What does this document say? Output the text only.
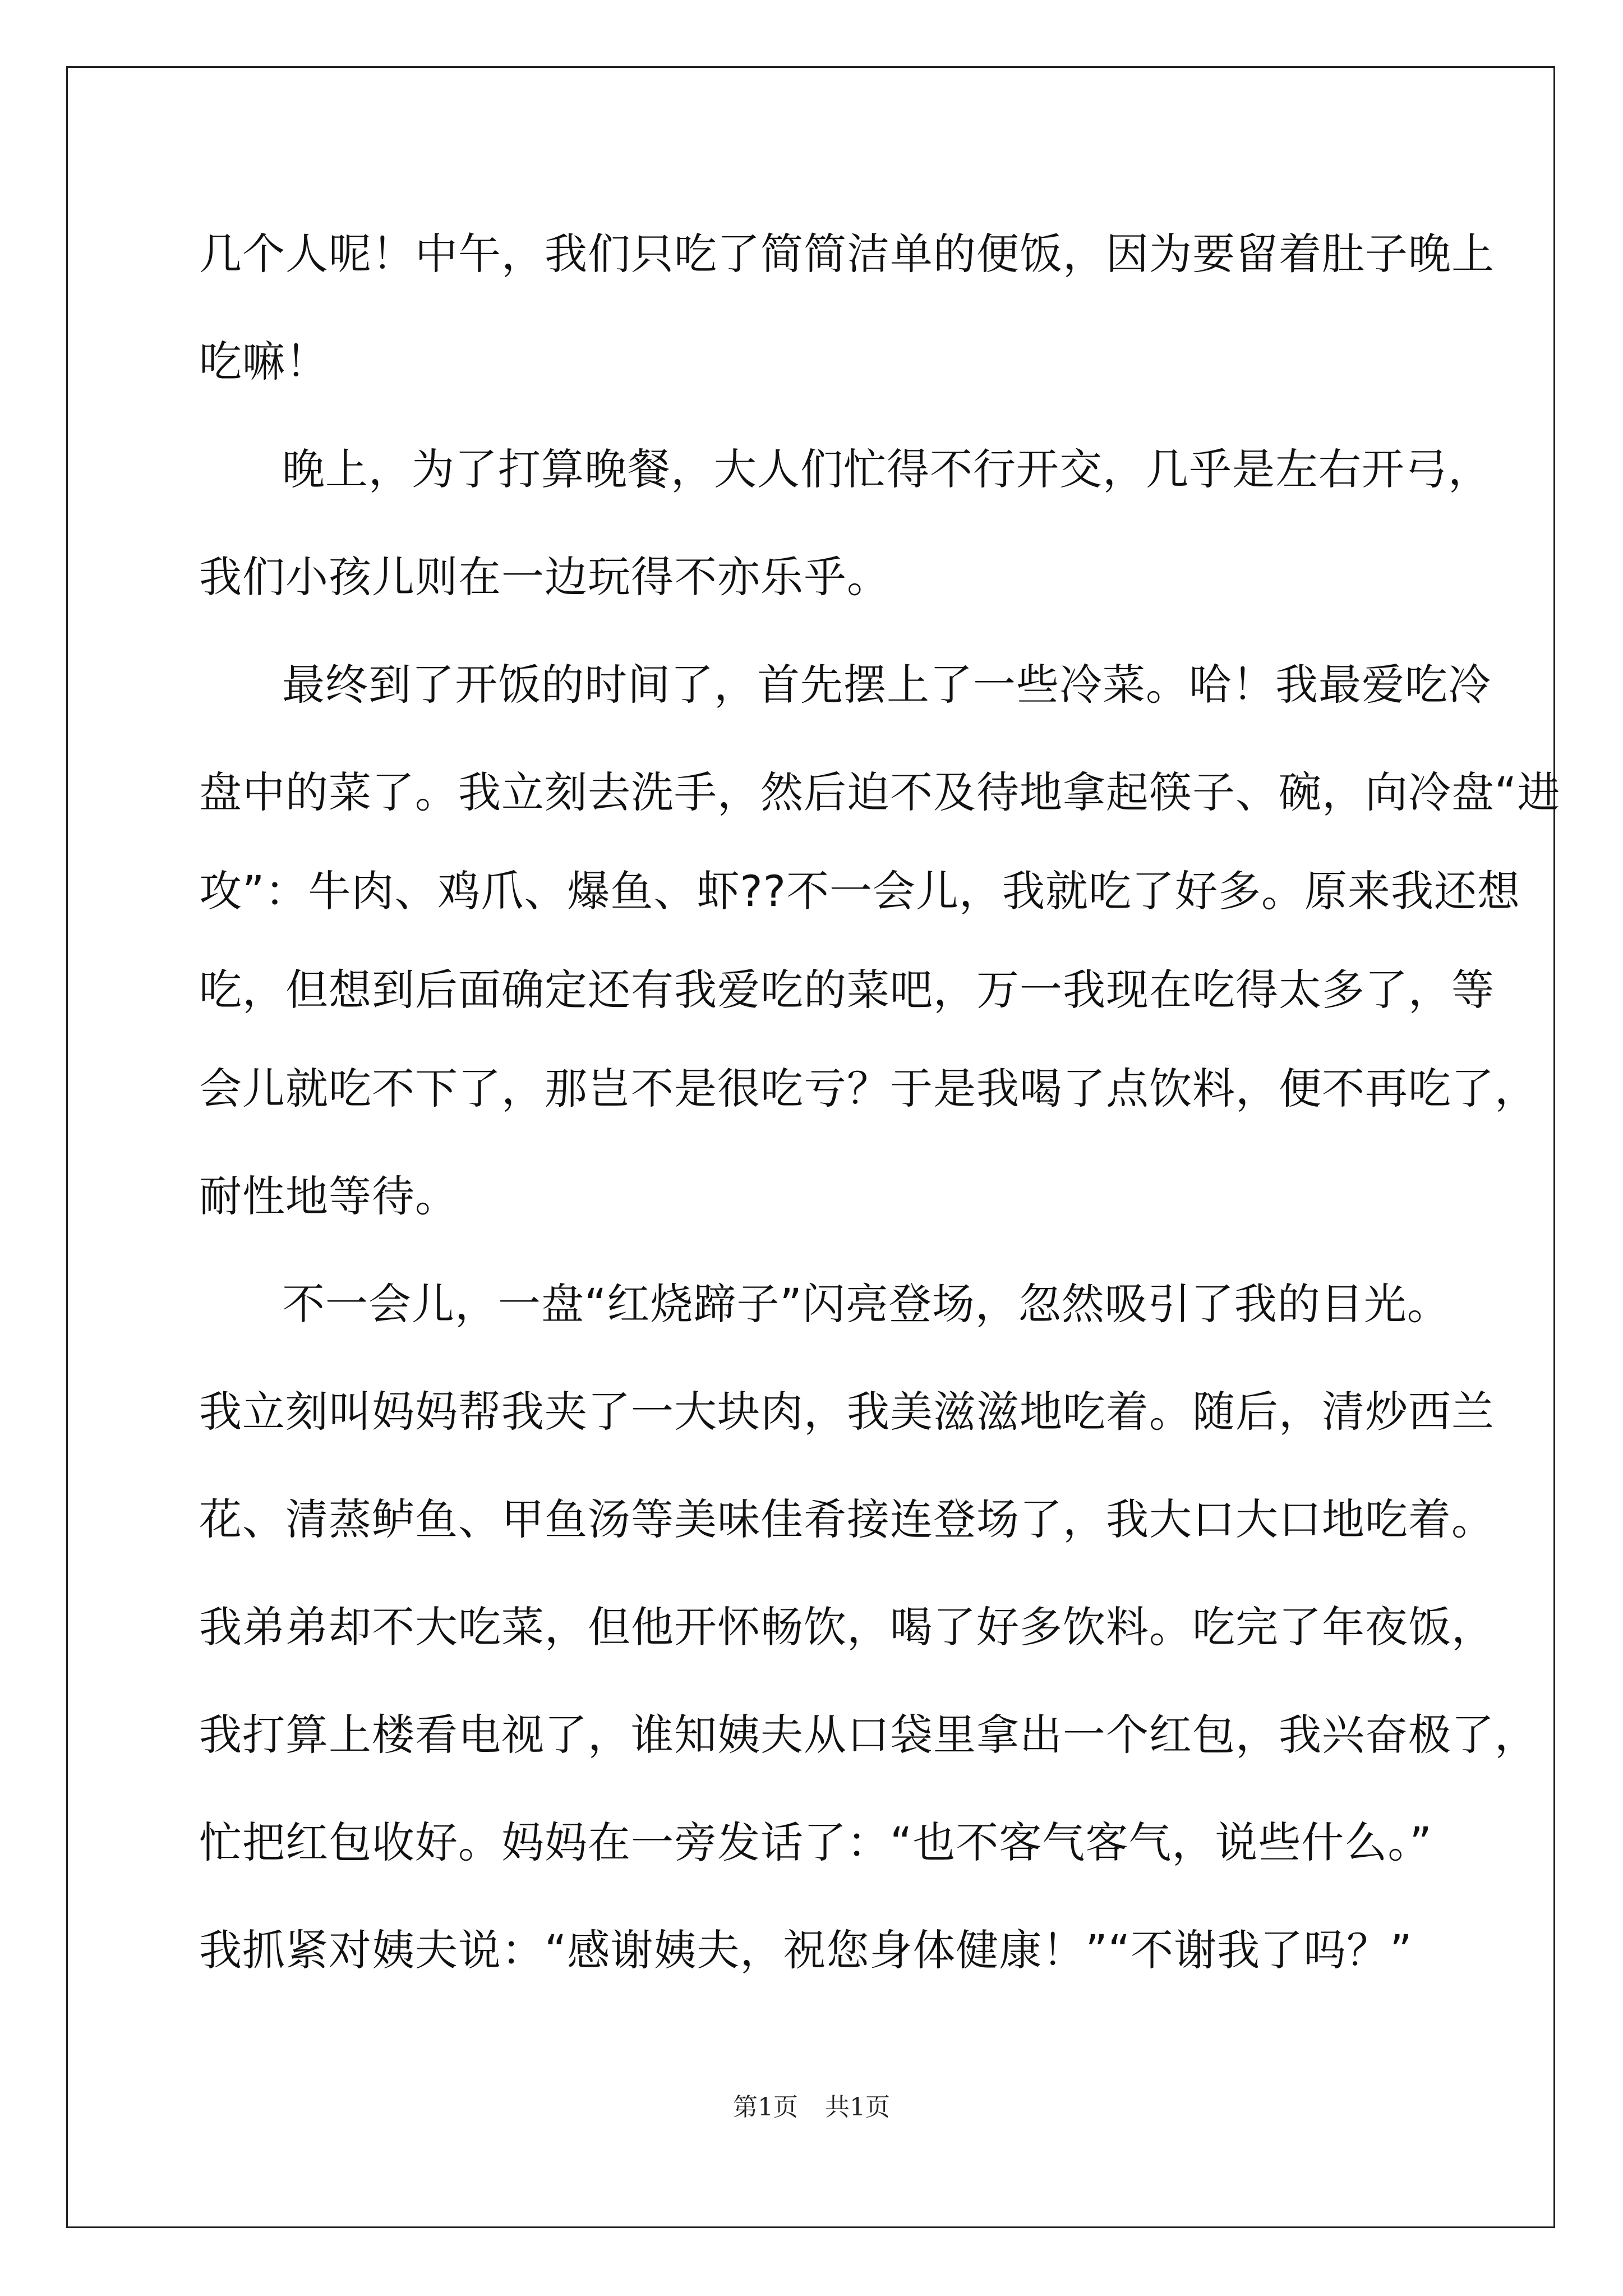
几个人呢！中午，我们只吃了简简洁单的便饭，因为要留着肚子晚上
吃嘛！
晚上，为了打算晚餐，大人们忙得不行开交，几乎是左右开弓，
我们小孩儿则在一边玩得不亦乐乎。
最终到了开饭的时间了，首先摆上了一些冷菜。哈！我最爱吃冷
盘中的菜了。我立刻去洗手，然后迫不及待地拿起筷子、碗，向冷盘“进
攻”：牛肉、鸡爪、爆鱼、虾??不一会儿，我就吃了好多。原来我还想
吃，但想到后面确定还有我爱吃的菜吧，万一我现在吃得太多了，等
会儿就吃不下了，那岂不是很吃亏？于是我喝了点饮料，便不再吃了，
耐性地等待。
不一会儿，一盘“红烧蹄子”闪亮登场，忽然吸引了我的目光。
我立刻叫妈妈帮我夹了一大块肉，我美滋滋地吃着。随后，清炒西兰
花、清蒸鲈鱼、甲鱼汤等美味佳肴接连登场了，我大口大口地吃着。
我弟弟却不大吃菜，但他开怀畅饮，喝了好多饮料。吃完了年夜饭，
我打算上楼看电视了，谁知姨夫从口袋里拿出一个红包，我兴奋极了，
忙把红包收好。妈妈在一旁发话了：“也不客气客气，说些什么。”
我抓紧对姨夫说：“感谢姨夫，祝您身体健康！”“不谢我了吗？”
第1页 共1页
